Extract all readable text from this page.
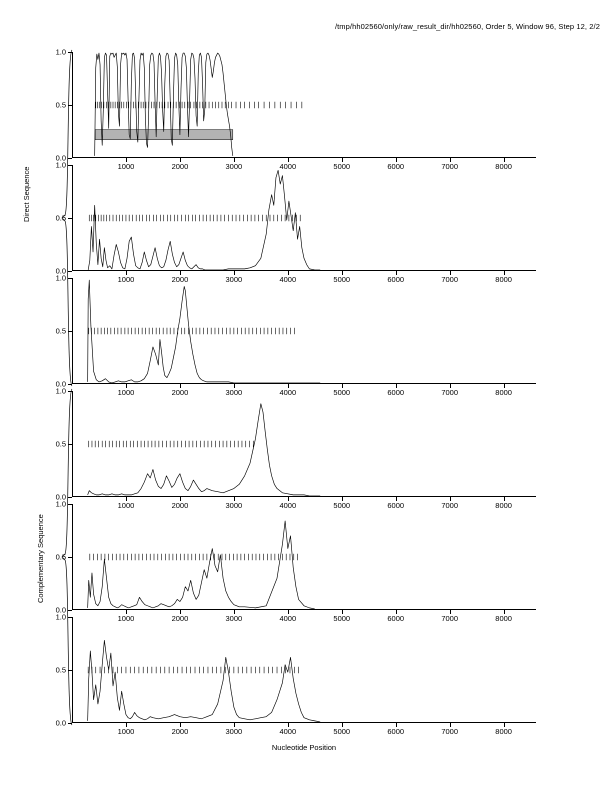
/tmp/hh02560/only/raw_result_dir/hh02560, Order 5, Window 96, Step 12, 2/2
0.0
0.5
1.0
1000	2000	3000	4000	5000	6000	7000	8000
0.0
0.5
1.0
1000	2000	3000	4000	5000	6000	7000	8000
0.0
0.5
1.0
1000	2000	3000	4000	5000	6000	7000	8000
0.0
0.5
1.0
1000	2000	3000	4000	5000	6000	7000	8000
0.0
0.5
1.0
1000	2000	3000	4000	5000	6000	7000	8000
0.0
0.5
1.0
1000	2000	3000	4000	5000	6000	7000	8000
Nucleotide Position
Direct Sequence
Complementary Sequence
